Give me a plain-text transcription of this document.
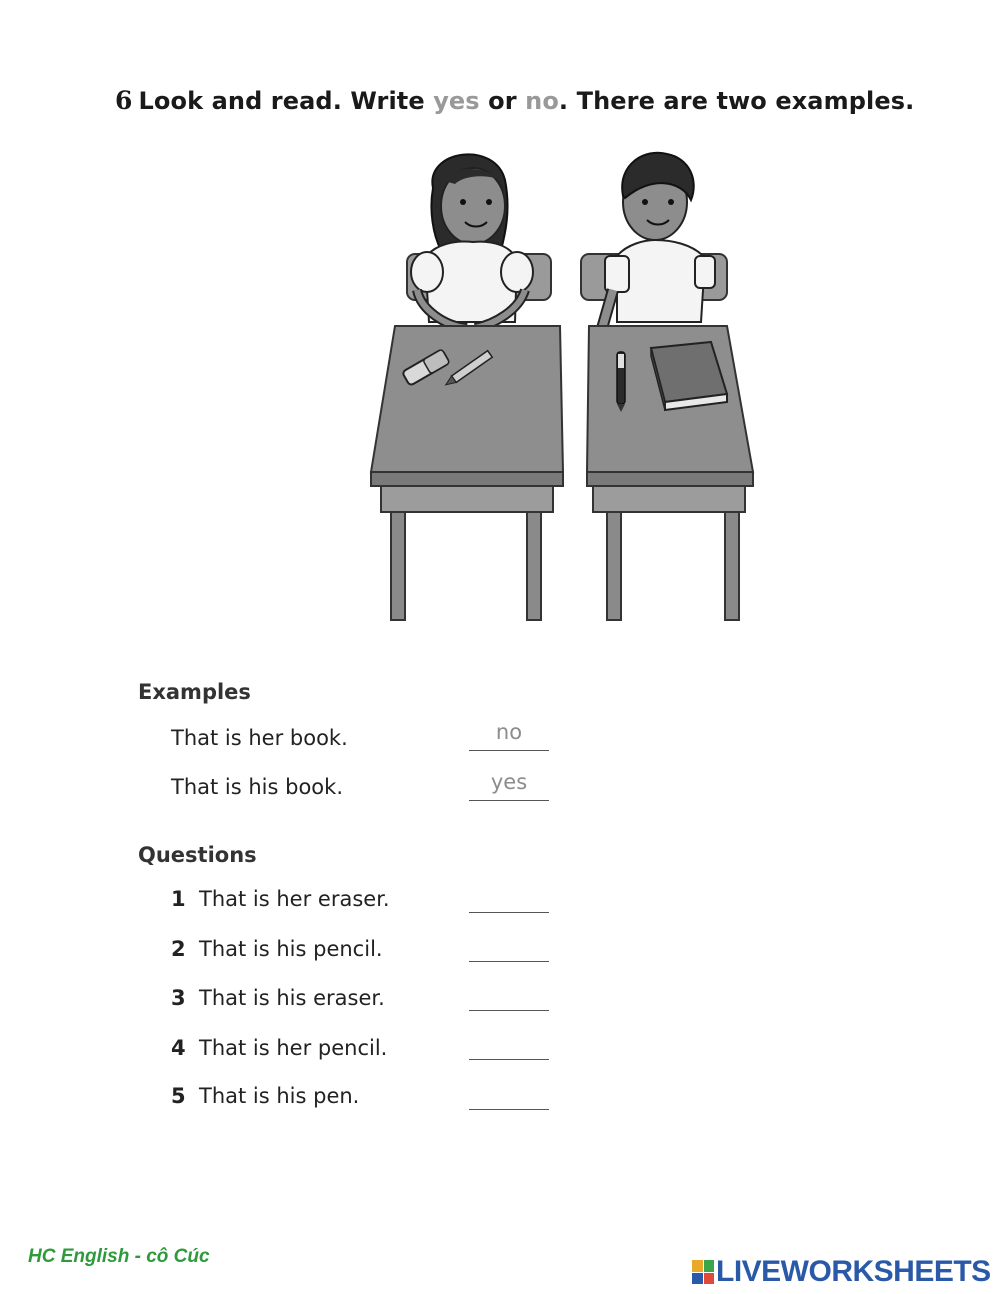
6 Look and read. Write yes or no. There are two examples.
Examples
That is her book.	no
That is his book.	yes
Questions
1 That is her eraser.
2 That is his pencil.
3 That is his eraser.
4 That is her pencil.
5 That is his pen.
HC English - cô Cúc	LIVEWORKSHEETS
